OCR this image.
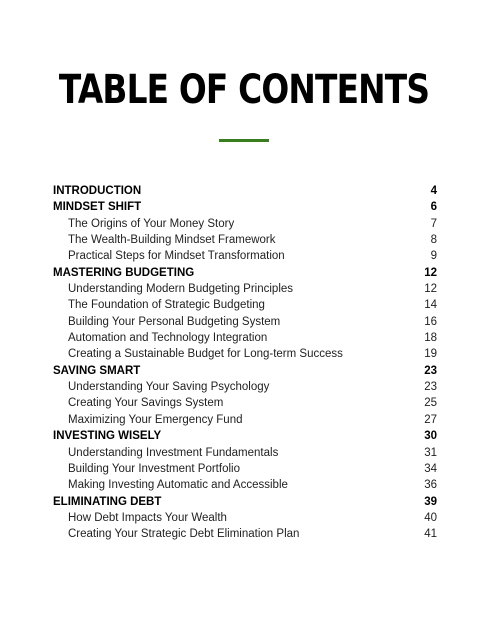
TABLE OF CONTENTS
INTRODUCTION	4
MINDSET SHIFT	6
The Origins of Your Money Story	7
The Wealth-Building Mindset Framework	8
Practical Steps for Mindset Transformation	9
MASTERING BUDGETING	12
Understanding Modern Budgeting Principles	12
The Foundation of Strategic Budgeting	14
Building Your Personal Budgeting System	16
Automation and Technology Integration	18
Creating a Sustainable Budget for Long-term Success	19
SAVING SMART	23
Understanding Your Saving Psychology	23
Creating Your Savings System	25
Maximizing Your Emergency Fund	27
INVESTING WISELY	30
Understanding Investment Fundamentals	31
Building Your Investment Portfolio	34
Making Investing Automatic and Accessible	36
ELIMINATING DEBT	39
How Debt Impacts Your Wealth	40
Creating Your Strategic Debt Elimination Plan	41
